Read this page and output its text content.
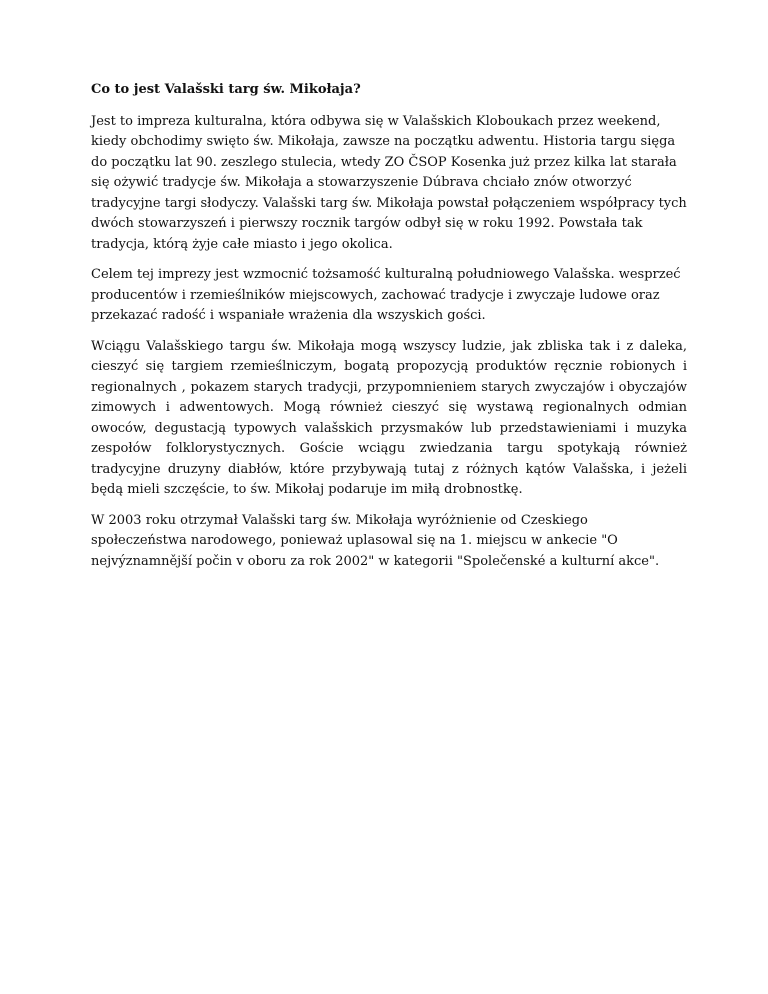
Co to jest Valašski targ św. Mikołaja?

Jest to impreza kulturalna, która odbywa się w Valašskich Kloboukach przez weekend, kiedy obchodimy swięto św. Mikołaja, zawsze na początku adwentu. Historia targu sięga do początku lat 90. zeszlego stulecia, wtedy ZO ČSOP Kosenka już przez kilka lat starała się ożywić tradycje św. Mikołaja a stowarzyszenie Dúbrava chciało znów otworzyć tradycyjne targi słodyczy. Valašski targ św. Mikołaja powstał połączeniem współpracy tych dwóch stowarzyszeń i pierwszy rocznik targów odbył się w roku 1992. Powstała tak tradycja, którą żyje całe miasto i jego okolica.

Celem tej imprezy jest wzmocnić tożsamość kulturalną południowego Valašska. wesprzeć producentów i rzemieślników miejscowych, zachować tradycje i zwyczaje ludowe oraz przekazać radość i wspaniałe wrażenia dla wszyskich gości.

Wciągu Valašskiego targu św. Mikołaja mogą wszyscy ludzie, jak zbliska tak i z daleka, cieszyć się targiem rzemieślniczym, bogatą propozycją produktów ręcznie robionych i regionalnych , pokazem starych tradycji, przypomnieniem starych zwyczajów i obyczajów zimowych i adwentowych. Mogą również cieszyć się wystawą regionalnych odmian owoców, degustacją typowych valašskich przysmaków lub przedstawieniami i muzyka zespołów folklorystycznych. Goście wciągu zwiedzania targu spotykają również tradycyjne druzyny diabłów, które przybywają tutaj z różnych kątów Valašska, i jeżeli będą mieli szczęście, to św. Mikołaj podaruje im miłą drobnostkę.

W 2003 roku otrzymał Valašski targ św. Mikołaja wyróżnienie od Czeskiego społeczeństwa narodowego, ponieważ uplasowal się na 1. miejscu w ankecie "O nejvýznamnější počin v oboru za rok 2002" w kategorii "Společenské a kulturní akce".
